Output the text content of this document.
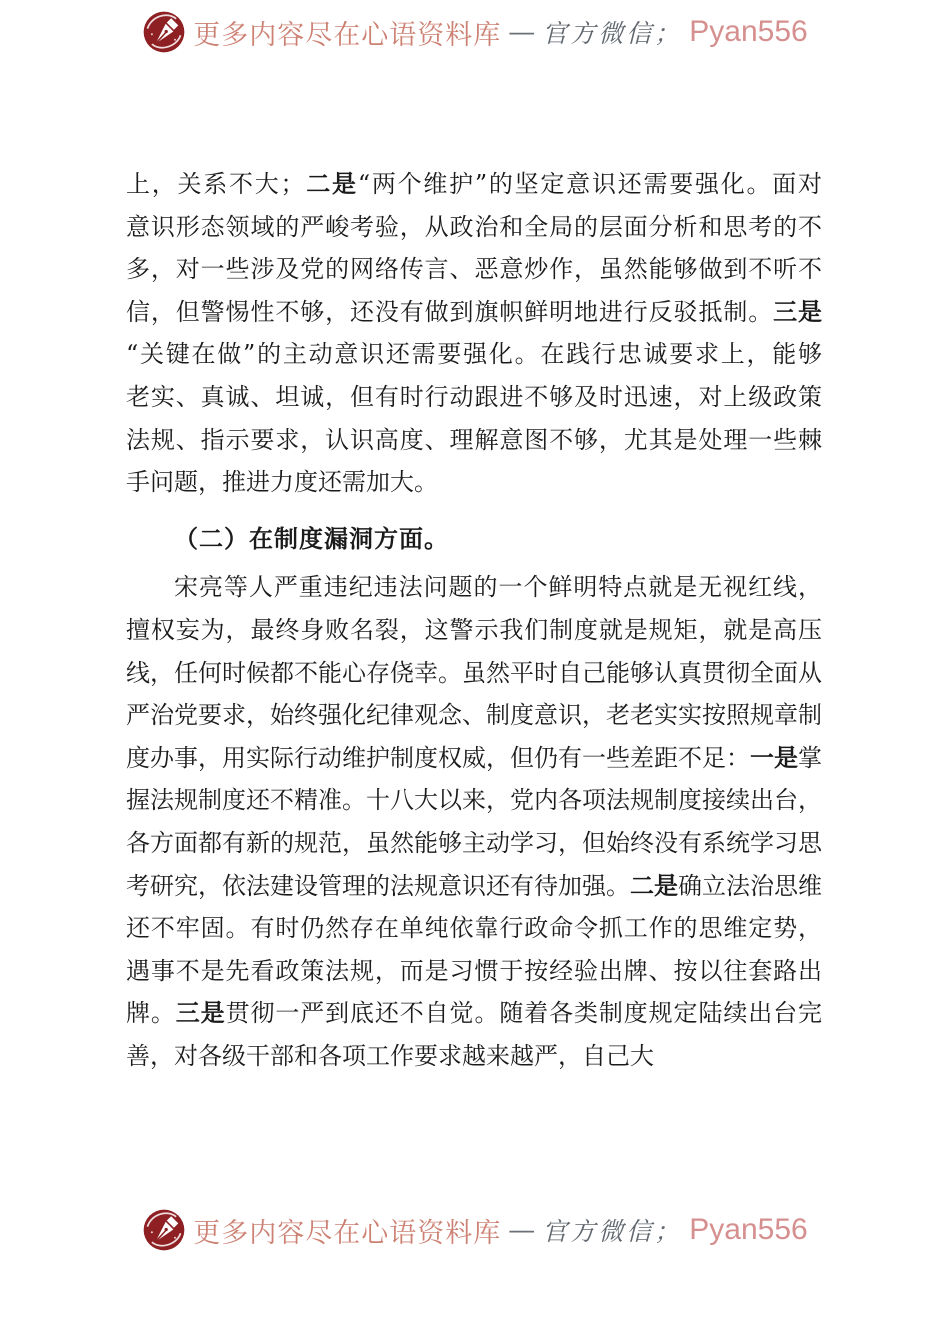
更多内容尽在心语资料库 — 官方微信； Pyan556
上，关系不大；二是“两个维护”的坚定意识还需要强化。面对
意识形态领域的严峻考验，从政治和全局的层面分析和思考的不
多，对一些涉及党的网络传言、恶意炒作，虽然能够做到不听不
信，但警惕性不够，还没有做到旗帜鲜明地进行反驳抵制。三是
“关键在做”的主动意识还需要强化。在践行忠诚要求上，能够
老实、真诚、坦诚，但有时行动跟进不够及时迅速，对上级政策
法规、指示要求，认识高度、理解意图不够，尤其是处理一些棘
手问题，推进力度还需加大。
（二）在制度漏洞方面。
宋亮等人严重违纪违法问题的一个鲜明特点就是无视红线，
擅权妄为，最终身败名裂，这警示我们制度就是规矩，就是高压
线，任何时候都不能心存侥幸。虽然平时自己能够认真贯彻全面从
严治党要求，始终强化纪律观念、制度意识，老老实实按照规章制
度办事，用实际行动维护制度权威，但仍有一些差距不足：一是掌
握法规制度还不精准。十八大以来，党内各项法规制度接续出台，
各方面都有新的规范，虽然能够主动学习，但始终没有系统学习思
考研究，依法建设管理的法规意识还有待加强。二是确立法治思维
还不牢固。有时仍然存在单纯依靠行政命令抓工作的思维定势，
遇事不是先看政策法规，而是习惯于按经验出牌、按以往套路出
牌。三是贯彻一严到底还不自觉。随着各类制度规定陆续出台完
善，对各级干部和各项工作要求越来越严，自己大
更多内容尽在心语资料库 — 官方微信； Pyan556
